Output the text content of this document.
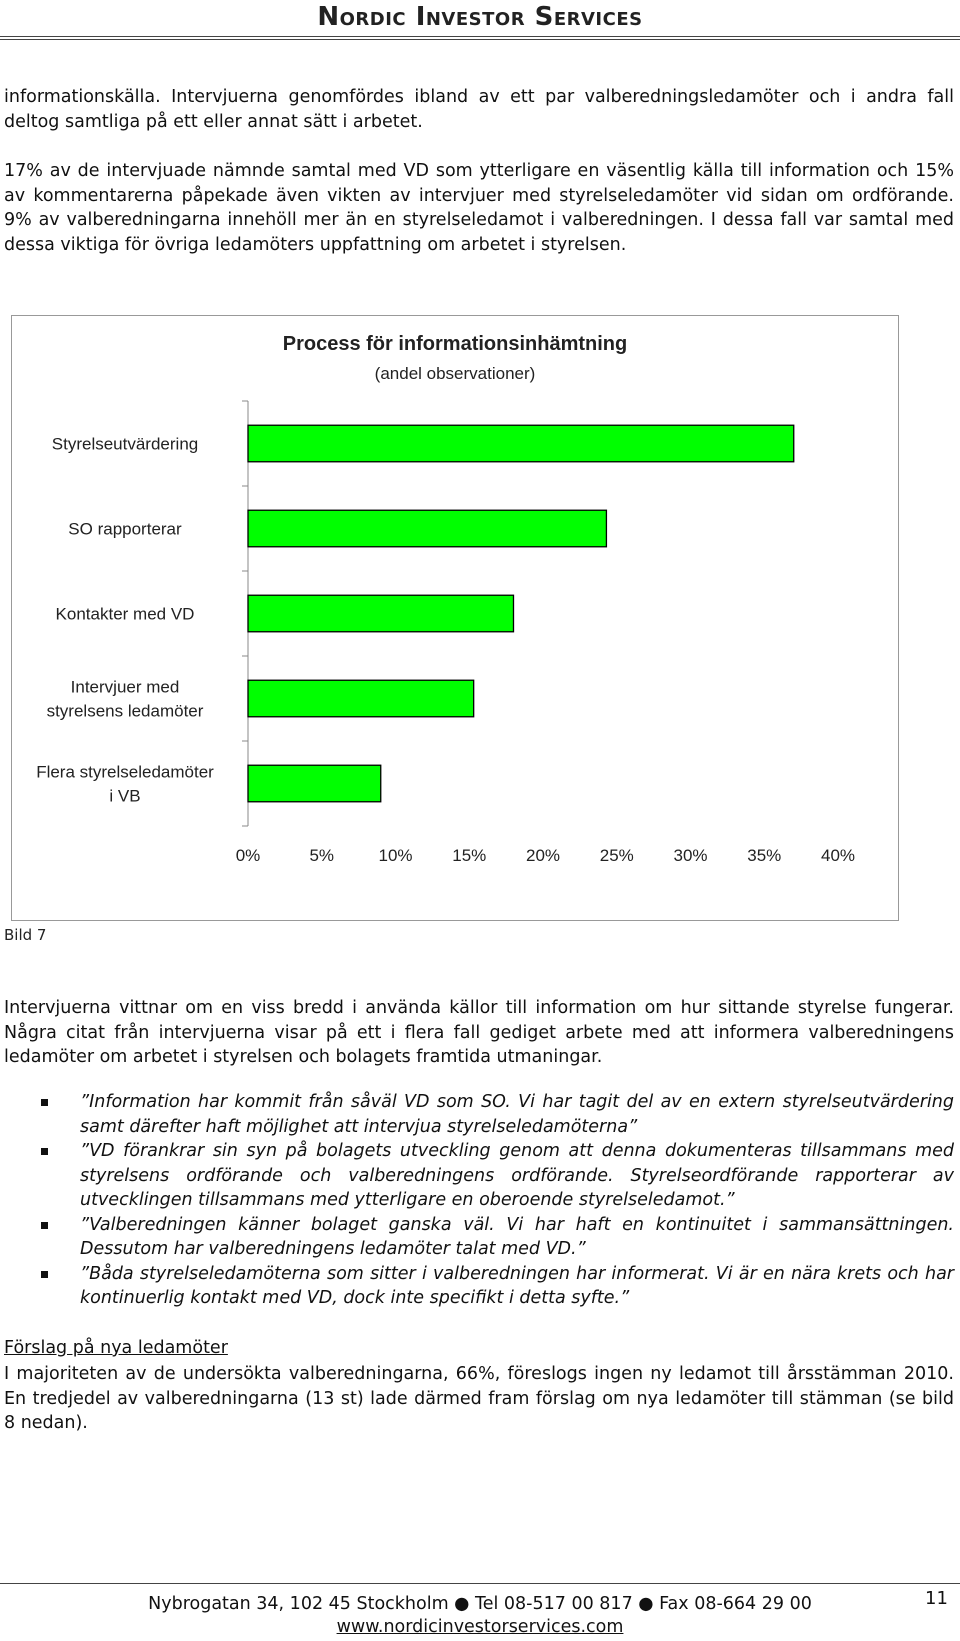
Nordic Investor Services

informationskälla. Intervjuerna genomfördes ibland av ett par valberedningsledamöter och i andra fall deltog samtliga på ett eller annat sätt i arbetet.

17% av de intervjuade nämnde samtal med VD som ytterligare en väsentlig källa till information och 15% av kommentarerna påpekade även vikten av intervjuer med styrelseledamöter vid sidan om ordförande. 9% av valberedningarna innehöll mer än en styrelseledamot i valberedningen. I dessa fall var samtal med dessa viktiga för övriga ledamöters uppfattning om arbetet i styrelsen.

Process för informationsinhämtning
(andel observationer)
Styrelseutvärdering
SO rapporterar
Kontakter med VD
Intervjuer med
styrelsens ledamöter
Flera styrelseledamöter
i VB
0%	5%	10% 15% 20% 25% 30% 35% 40%
Bild 7

Intervjuerna vittnar om en viss bredd i använda källor till information om hur sittande styrelse fungerar. Några citat från intervjuerna visar på ett i flera fall gediget arbete med att informera valberedningens ledamöter om arbetet i styrelsen och bolagets framtida utmaningar.

”Information har kommit från såväl VD som SO. Vi har tagit del av en extern styrelseutvärdering samt därefter haft möjlighet att intervjua styrelseledamöterna”
”VD förankrar sin syn på bolagets utveckling genom att denna dokumenteras tillsammans med styrelsens ordförande och valberedningens ordförande. Styrelseordförande rapporterar av utvecklingen tillsammans med ytterligare en oberoende styrelseledamot.”
”Valberedningen känner bolaget ganska väl. Vi har haft en kontinuitet i sammansättningen. Dessutom har valberedningens ledamöter talat med VD.”
”Båda styrelseledamöterna som sitter i valberedningen har informerat. Vi är en nära krets och har kontinuerlig kontakt med VD, dock inte specifikt i detta syfte.”
Förslag på nya ledamöter

I majoriteten av de undersökta valberedningarna, 66%, föreslogs ingen ny ledamot till årsstämman 2010. En tredjedel av valberedningarna (13 st) lade därmed fram förslag om nya ledamöter till stämman (se bild 8 nedan).

Nybrogatan 34, 102 45 Stockholm ● Tel 08-517 00 817 ● Fax 08-664 29 00
www.nordicinvestorservices.com
11
